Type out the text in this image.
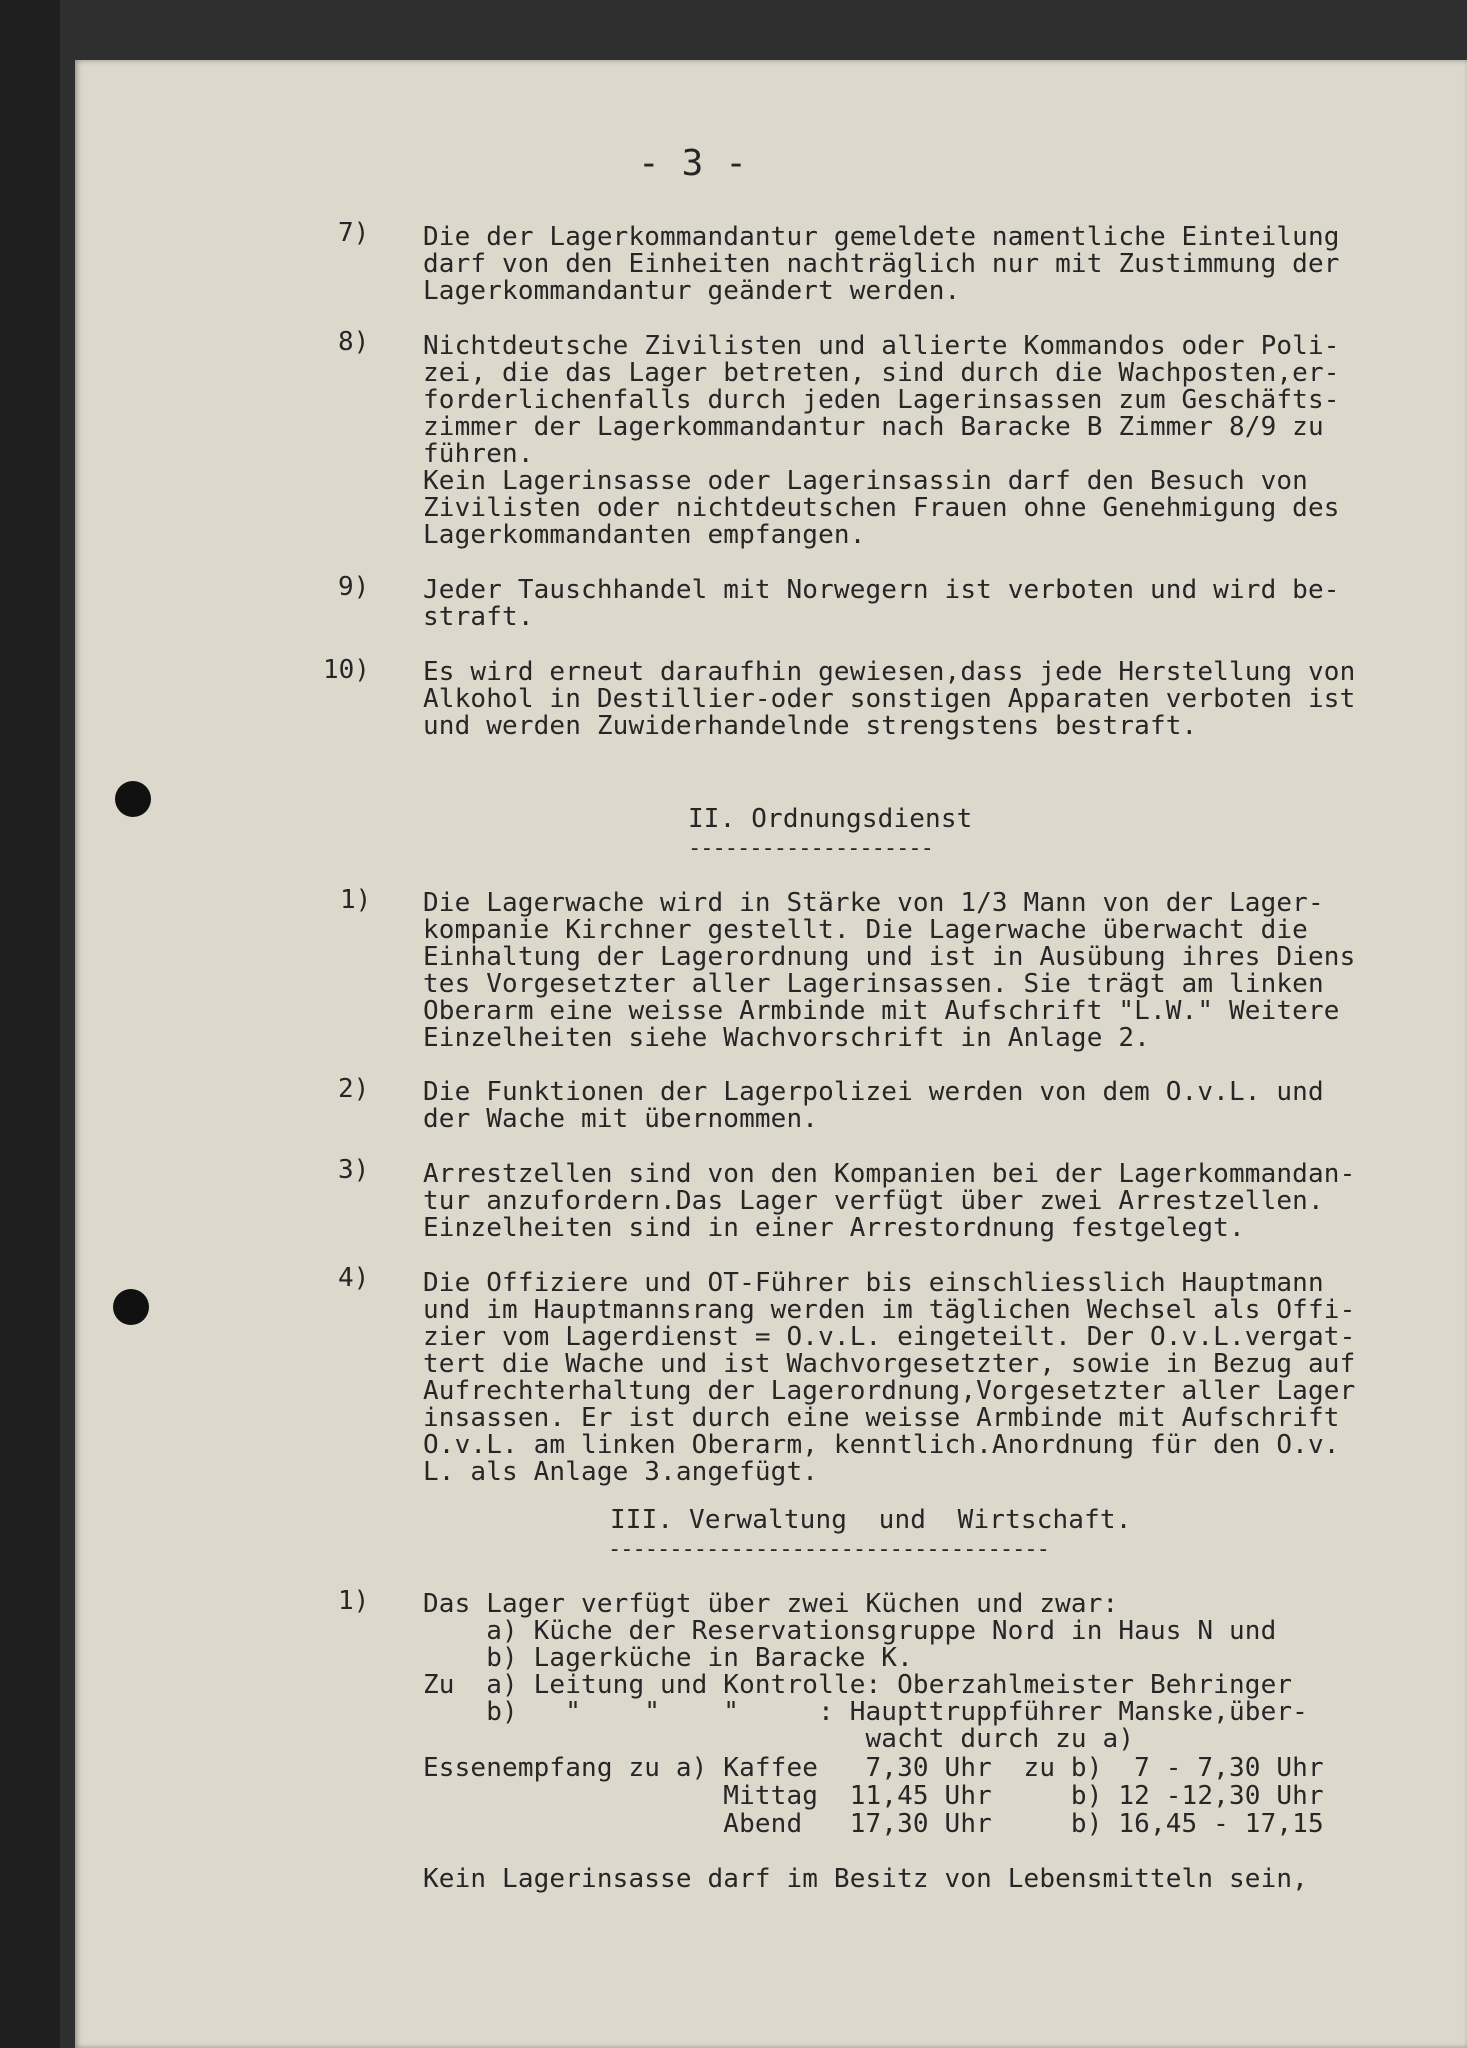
- 3 -
7) Die der Lagerkommandantur gemeldete namentliche Einteilung
darf von den Einheiten nachträglich nur mit Zustimmung der
Lagerkommandantur geändert werden.
8) Nichtdeutsche Zivilisten und allierte Kommandos oder Poli-
zei, die das Lager betreten, sind durch die Wachposten,er-
forderlichenfalls durch jeden Lagerinsassen zum Geschäfts-
zimmer der Lagerkommandantur nach Baracke B Zimmer 8/9 zu
führen.
Kein Lagerinsasse oder Lagerinsassin darf den Besuch von
Zivilisten oder nichtdeutschen Frauen ohne Genehmigung des
Lagerkommandanten empfangen.
9) Jeder Tauschhandel mit Norwegern ist verboten und wird be-
straft.
10) Es wird erneut daraufhin gewiesen,dass jede Herstellung von
Alkohol in Destillier-oder sonstigen Apparaten verboten ist
und werden Zuwiderhandelnde strengstens bestraft.
II. Ordnungsdienst
--------------------
1) Die Lagerwache wird in Stärke von 1/3 Mann von der Lager-
kompanie Kirchner gestellt. Die Lagerwache überwacht die
Einhaltung der Lagerordnung und ist in Ausübung ihres Diens
tes Vorgesetzter aller Lagerinsassen. Sie trägt am linken
Oberarm eine weisse Armbinde mit Aufschrift "L.W." Weitere
Einzelheiten siehe Wachvorschrift in Anlage 2.
2) Die Funktionen der Lagerpolizei werden von dem O.v.L. und
der Wache mit übernommen.
3) Arrestzellen sind von den Kompanien bei der Lagerkommandan-
tur anzufordern.Das Lager verfügt über zwei Arrestzellen.
Einzelheiten sind in einer Arrestordnung festgelegt.
4) Die Offiziere und OT-Führer bis einschliesslich Hauptmann
und im Hauptmannsrang werden im täglichen Wechsel als Offi-
zier vom Lagerdienst = O.v.L. eingeteilt. Der O.v.L.vergat-
tert die Wache und ist Wachvorgesetzter, sowie in Bezug auf
Aufrechterhaltung der Lagerordnung,Vorgesetzter aller Lager
insassen. Er ist durch eine weisse Armbinde mit Aufschrift
O.v.L. am linken Oberarm, kenntlich.Anordnung für den O.v.
L. als Anlage 3.angefügt.
III. Verwaltung  und  Wirtschaft.
------------------------------------
1) Das Lager verfügt über zwei Küchen und zwar:
a) Küche der Reservationsgruppe Nord in Haus N und
b) Lagerküche in Baracke K.
Zu  a) Leitung und Kontrolle: Oberzahlmeister Behringer
b)   "    "    "     : Haupttruppführer Manske,über-
wacht durch zu a)
Essenempfang zu a) Kaffee   7,30 Uhr  zu b)  7 - 7,30 Uhr
Mittag  11,45 Uhr     b) 12 -12,30 Uhr
Abend   17,30 Uhr     b) 16,45 - 17,15
Kein Lagerinsasse darf im Besitz von Lebensmitteln sein,
